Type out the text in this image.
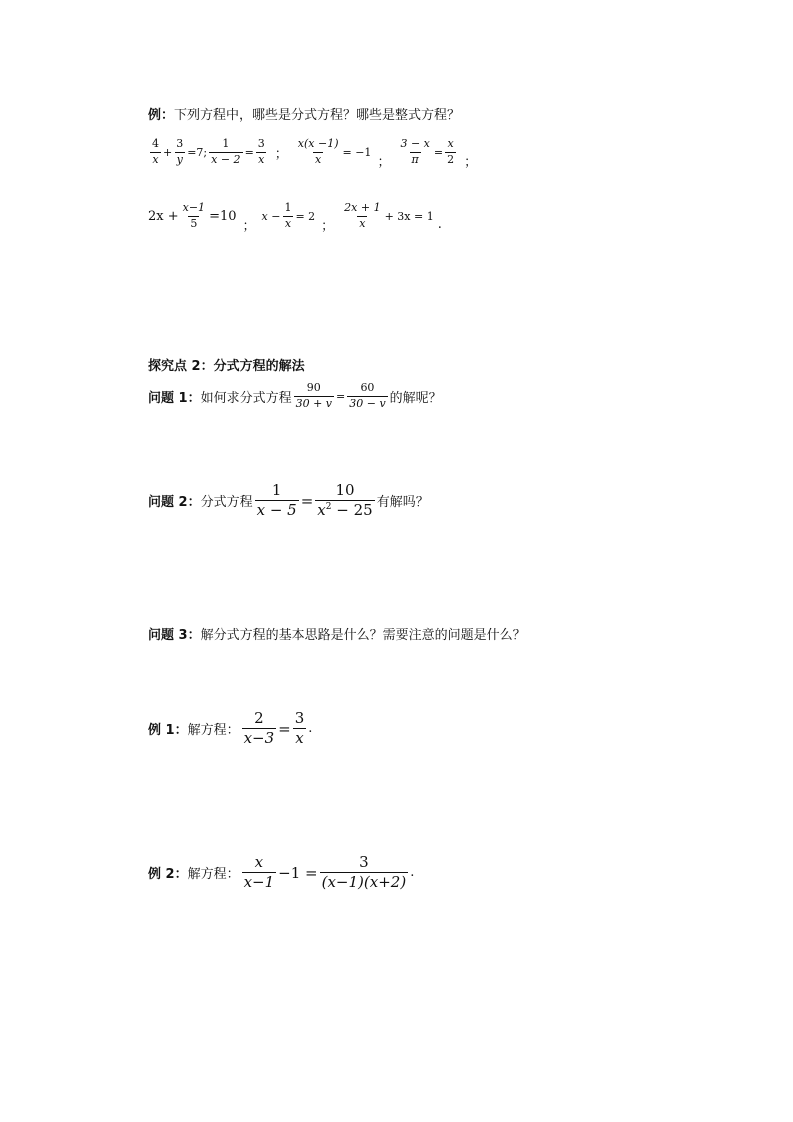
例： 下列方程中，哪些是分式方程？哪些是整式方程？
$\frac{4}{x} + \frac{3}{y} =7$; $\frac{1}{x - 2} = \frac{3}{x}$ ； $\frac{x(x -1)}{x} = -1$
； $\frac{3 - x}{\pi} = \frac{x}{2}$ ；
$2x + \frac{x-1}{5} =10$
；
$x - \frac{1}{x} = 2$
； $\frac{2x + 1}{x} + 3x = 1$
.
探究点 2：分式方程的解法
问题 1： 如何求分式方程 $\frac{90}{30 + v} = \frac{60}{30 - v}$ 的解呢？
问题 2： 分式方程 $\frac{1}{x - 5} = \frac{10}{x^2 - 25}$ 有解吗？
问题 3： 解分式方程的基本思路是什么？需要注意的问题是什么？
例 1： 解方程： $\frac{2}{x-3} = \frac{3}{x}$ .
例 2： 解方程： $\frac{x}{x-1} -1 = \frac{3}{(x-1)(x+2)}$ .
